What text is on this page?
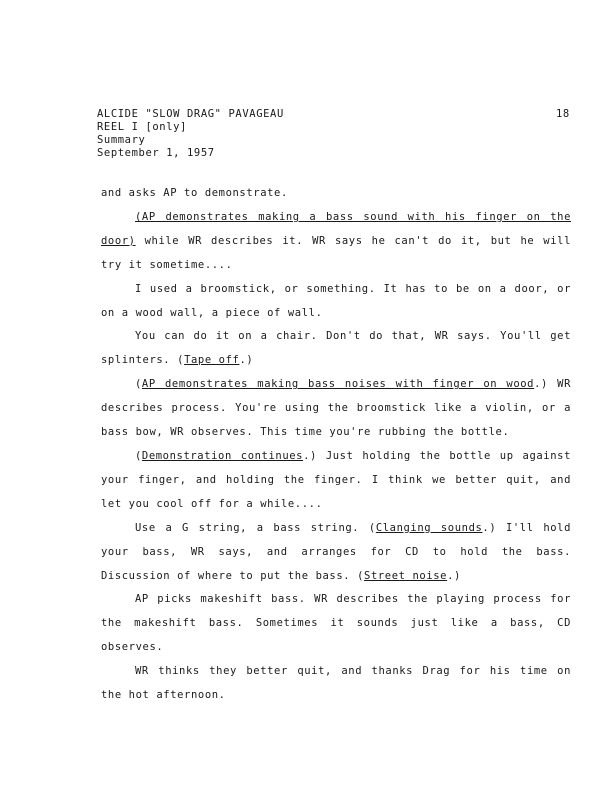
ALCIDE "SLOW DRAG" PAVAGEAU
REEL I [only]
Summary
September 1, 1957
18

and asks AP to demonstrate.

(AP demonstrates making a bass sound with his finger on the door) while WR describes it. WR says he can't do it, but he will try it sometime....

I used a broomstick, or something. It has to be on a door, or on a wood wall, a piece of wall.

You can do it on a chair. Don't do that, WR says. You'll get splinters. (Tape off.)

(AP demonstrates making bass noises with finger on wood.) WR describes process. You're using the broomstick like a violin, or a bass bow, WR observes. This time you're rubbing the bottle.

(Demonstration continues.) Just holding the bottle up against your finger, and holding the finger. I think we better quit, and let you cool off for a while....

Use a G string, a bass string. (Clanging sounds.) I'll hold your bass, WR says, and arranges for CD to hold the bass. Discussion of where to put the bass. (Street noise.)

AP picks makeshift bass. WR describes the playing process for the makeshift bass. Sometimes it sounds just like a bass, CD observes.

WR thinks they better quit, and thanks Drag for his time on the hot afternoon.
